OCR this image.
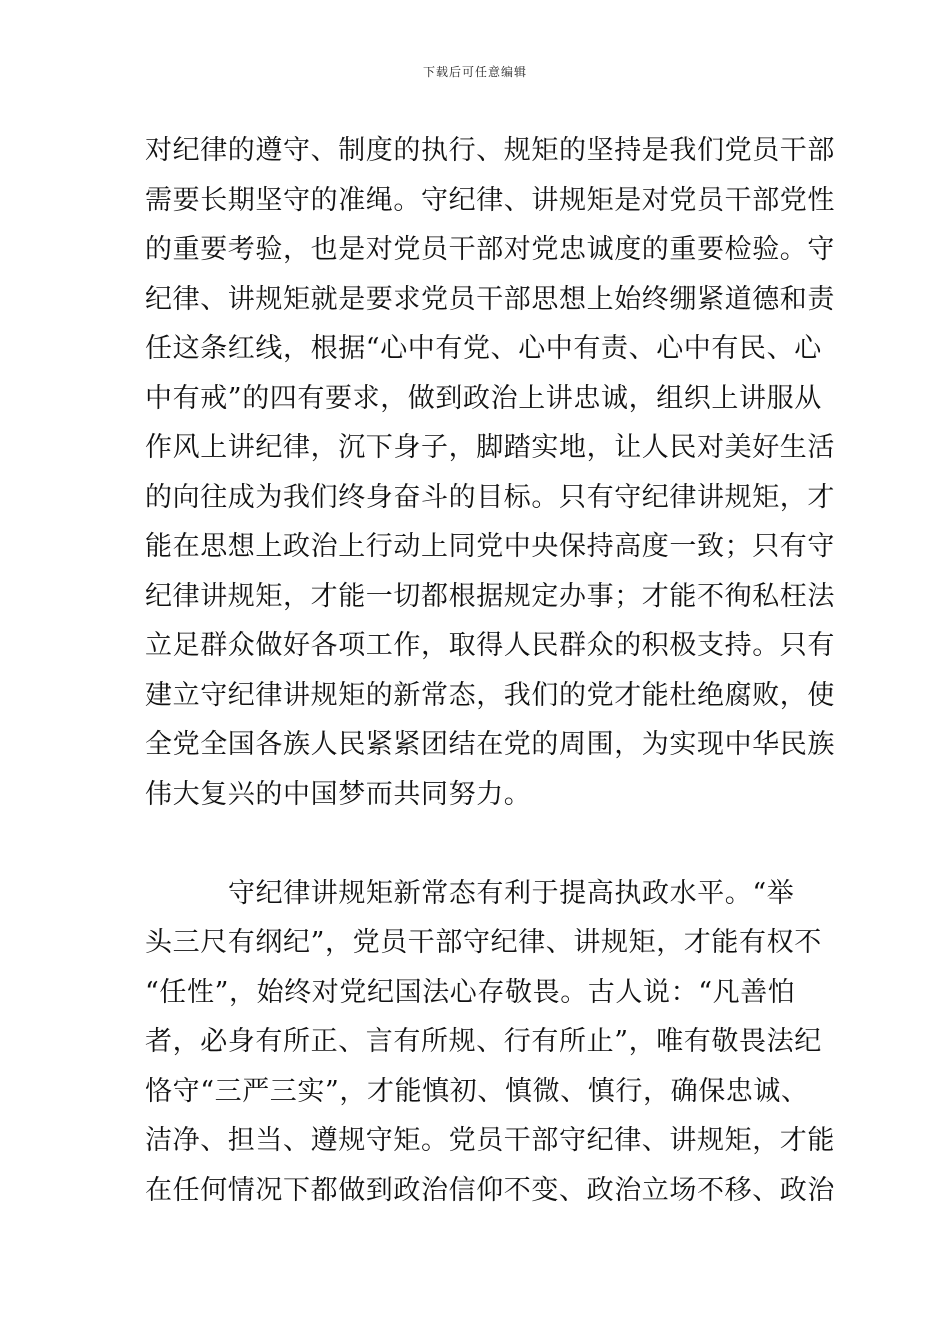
下载后可任意编辑
对纪律的遵守、制度的执行、规矩的坚持是我们党员干部
需要长期坚守的准绳。守纪律、讲规矩是对党员干部党性
的重要考验，也是对党员干部对党忠诚度的重要检验。守
纪律、讲规矩就是要求党员干部思想上始终绷紧道德和责
任这条红线，根据“心中有党、心中有责、心中有民、心
中有戒”的四有要求，做到政治上讲忠诚，组织上讲服从
作风上讲纪律，沉下身子，脚踏实地，让人民对美好生活
的向往成为我们终身奋斗的目标。只有守纪律讲规矩，才
能在思想上政治上行动上同党中央保持高度一致；只有守
纪律讲规矩，才能一切都根据规定办事；才能不徇私枉法
立足群众做好各项工作，取得人民群众的积极支持。只有
建立守纪律讲规矩的新常态，我们的党才能杜绝腐败，使
全党全国各族人民紧紧团结在党的周围，为实现中华民族
伟大复兴的中国梦而共同努力。
守纪律讲规矩新常态有利于提高执政水平。“举
头三尺有纲纪”，党员干部守纪律、讲规矩，才能有权不
“任性”，始终对党纪国法心存敬畏。古人说：“凡善怕
者，必身有所正、言有所规、行有所止”，唯有敬畏法纪
恪守“三严三实”，才能慎初、慎微、慎行，确保忠诚、
洁净、担当、遵规守矩。党员干部守纪律、讲规矩，才能
在任何情况下都做到政治信仰不变、政治立场不移、政治
